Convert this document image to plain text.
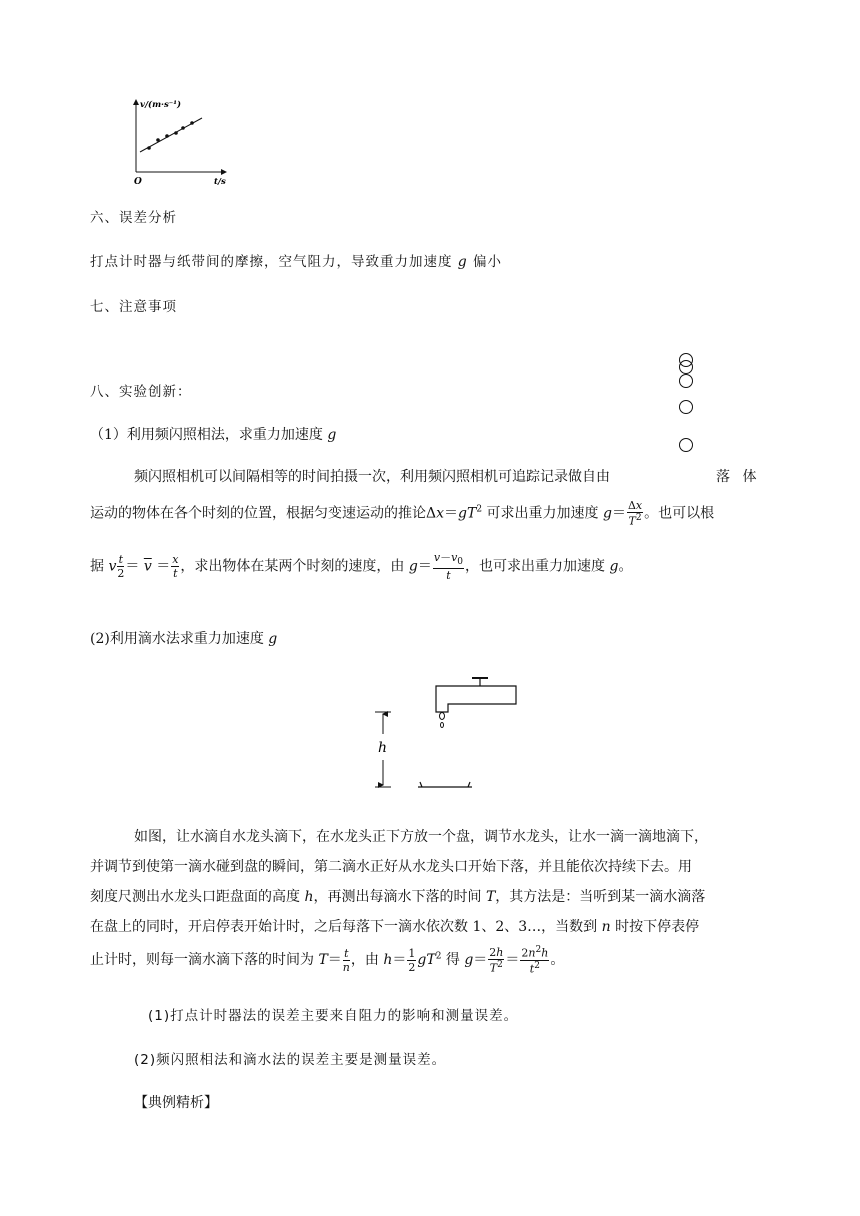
v/(m·s⁻¹)
t/s
O
六、误差分析
打点计时器与纸带间的摩擦，空气阻力，导致重力加速度 g 偏小
七、注意事项
八、实验创新：
（1）利用频闪照相法，求重力加速度 g
频闪照相机可以间隔相等的时间拍摄一次，利用频闪照相机可追踪记录做自由	落 体
运动的物体在各个时刻的位置，根据匀变速运动的推论$\Delta x=gT^2$ 可求出重力加速度 $g= \frac{\Delta x}{T^2}$ 。也可以根
据 v $\frac{t}{2} = \overline{v} = \frac{x}{t}$ ，求出物体在某两个时刻的速度，由 $g= \frac{v-v_0}{t}$ ，也可求出重力加速度 g。
(2)利用滴水法求重力加速度 g
h
如图，让水滴自水龙头滴下，在水龙头正下方放一个盘，调节水龙头，让水一滴一滴地滴下，
并调节到使第一滴水碰到盘的瞬间，第二滴水正好从水龙头口开始下落，并且能依次持续下去。用
刻度尺测出水龙头口距盘面的高度 h，再测出每滴水下落的时间 T，其方法是：当听到某一滴水滴落
在盘上的同时，开启停表开始计时，之后每落下一滴水依次数 1、2、3…，当数到 n 时按下停表停
止计时，则每一滴水滴下落的时间为 $T= \frac{t}{n}$ ，由 $h= \frac{1}{2} gT^2$ 得 $g= \frac{2h}{T^2} = \frac{2n^2h}{t^2}$ 。
(1)打点计时器法的误差主要来自阻力的影响和测量误差。
(2)频闪照相法和滴水法的误差主要是测量误差。
【典例精析】
